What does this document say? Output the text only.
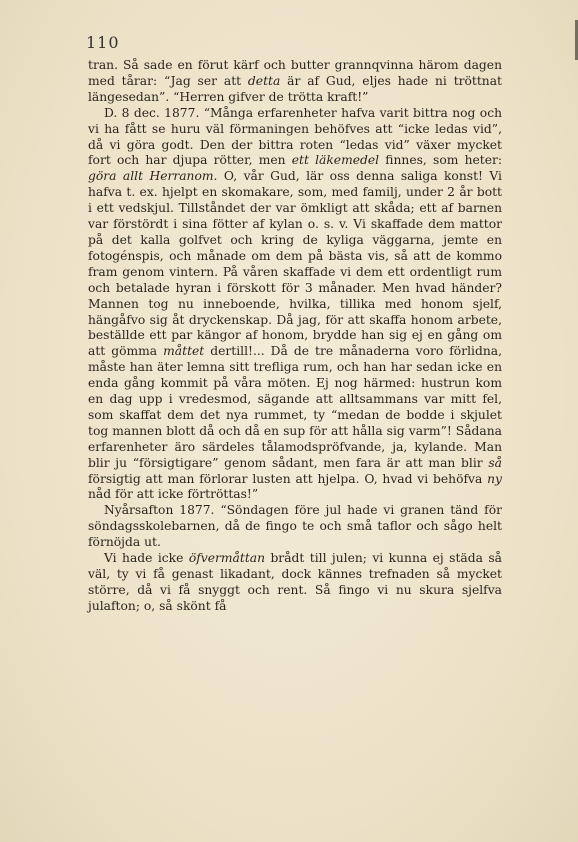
110

tran. Så sade en förut kärf och butter grannqvinna härom dagen med tårar: “Jag ser att detta är af Gud, eljes hade ni tröttnat längesedan”. “Herren gifver de trötta kraft!”

D. 8 dec. 1877. “Många erfarenheter hafva varit bittra nog och vi ha fått se huru väl förmaningen behöfves att “icke ledas vid”, då vi göra godt. Den der bittra roten “ledas vid” växer mycket fort och har djupa rötter, men ett läkemedel finnes, som heter: göra allt Herranom. O, vår Gud, lär oss denna saliga konst! Vi hafva t. ex. hjelpt en skomakare, som, med familj, under 2 år bott i ett vedskjul. Tillståndet der var ömkligt att skåda; ett af barnen var förstördt i sina fötter af kylan o. s. v. Vi skaffade dem mattor på det kalla golfvet och kring de kyliga väggarna, jemte en fotogénspis, och månade om dem på bästa vis, så att de kommo fram genom vintern. På våren skaffade vi dem ett ordentligt rum och betalade hyran i förskott för 3 månader. Men hvad händer? Mannen tog nu inneboende, hvilka, tillika med honom sjelf, hängåfvo sig åt dryckenskap. Då jag, för att skaffa honom arbete, beställde ett par kängor af honom, brydde han sig ej en gång om att gömma måttet dertill!... Då de tre månaderna voro förlidna, måste han äter lemna sitt trefliga rum, och han har sedan icke en enda gång kommit på våra möten. Ej nog härmed: hustrun kom en dag upp i vredesmod, sägande att alltsammans var mitt fel, som skaffat dem det nya rummet, ty “medan de bodde i skjulet tog mannen blott då och då en sup för att hålla sig varm”! Sådana erfarenheter äro särdeles tålamodspröfvande, ja, kylande. Man blir ju “försigtigare” genom sådant, men fara är att man blir så försigtig att man förlorar lusten att hjelpa. O, hvad vi behöfva ny nåd för att icke förtröttas!”

Nyårsafton 1877. “Söndagen före jul hade vi granen tänd för söndagsskolebarnen, då de fingo te och små taflor och sågo helt förnöjda ut.

Vi hade icke öfvermåttan brådt till julen; vi kunna ej städa så väl, ty vi få genast likadant, dock kännes trefnaden så mycket större, då vi få snyggt och rent. Så fingo vi nu skura sjelfva julafton; o, så skönt få
